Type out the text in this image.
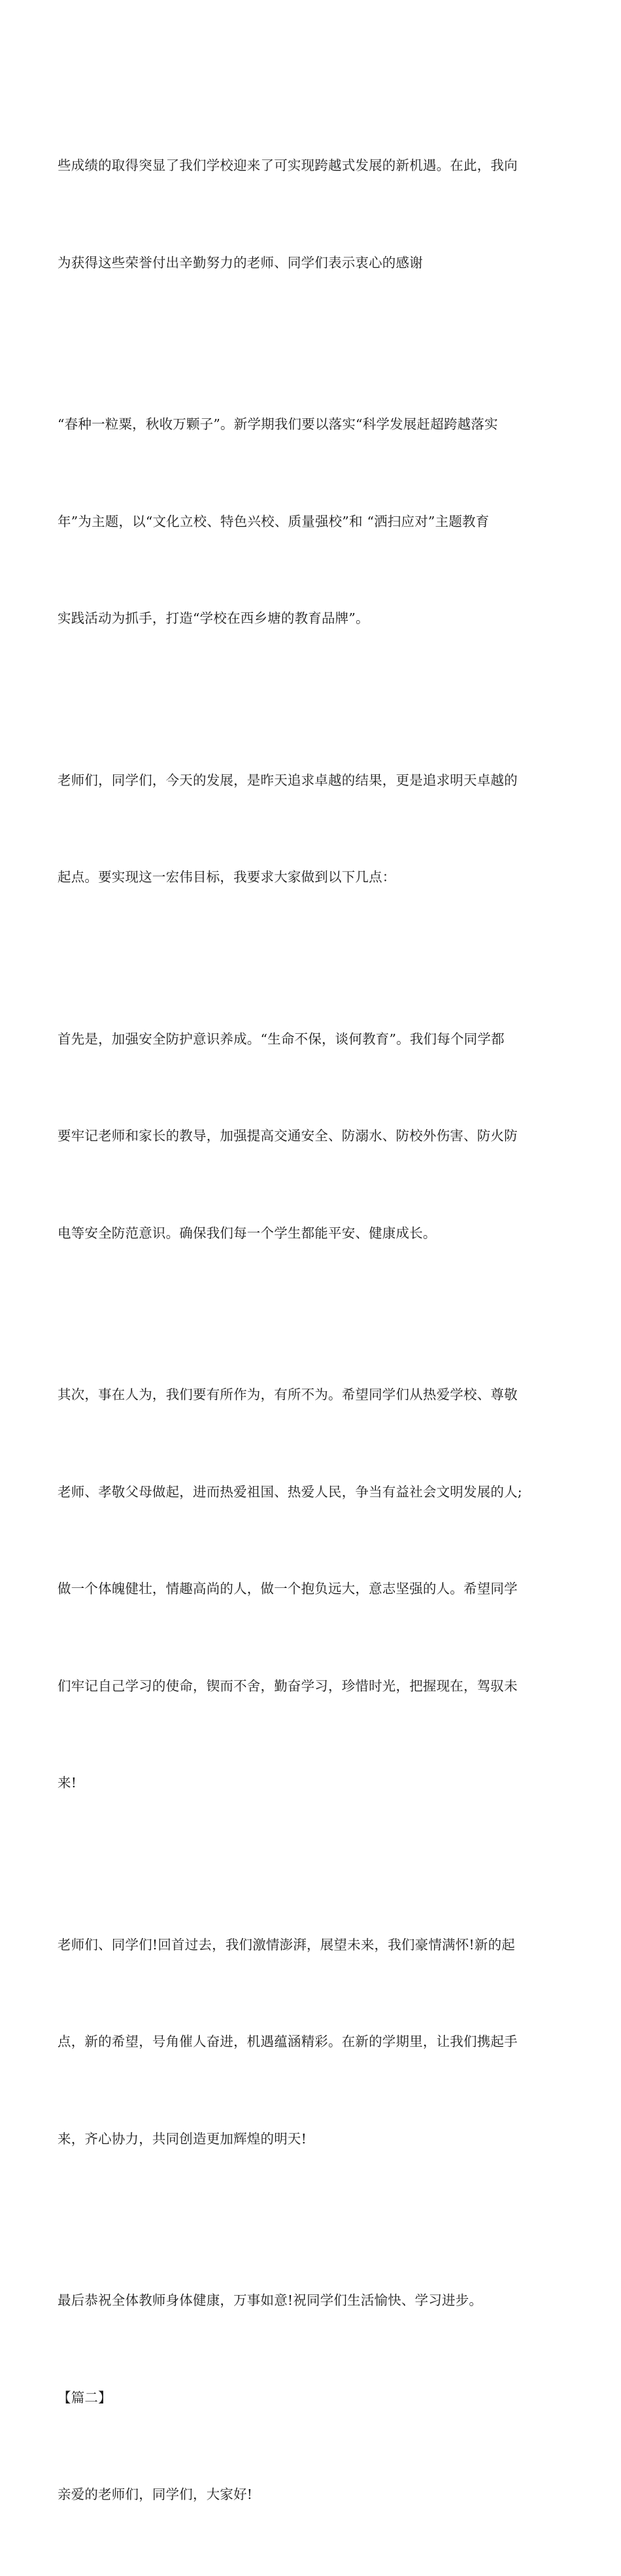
些成绩的取得突显了我们学校迎来了可实现跨越式发展的新机遇。在此，我向

为获得这些荣誉付出辛勤努力的老师、同学们表示衷心的感谢

“春种一粒粟，秋收万颗子”。新学期我们要以落实“科学发展赶超跨越落实

年”为主题，以“文化立校、特色兴校、质量强校”和 “洒扫应对”主题教育

实践活动为抓手，打造“学校在西乡塘的教育品牌”。

老师们，同学们，今天的发展，是昨天追求卓越的结果，更是追求明天卓越的

起点。要实现这一宏伟目标，我要求大家做到以下几点：

首先是，加强安全防护意识养成。“生命不保，谈何教育”。我们每个同学都

要牢记老师和家长的教导，加强提高交通安全、防溺水、防校外伤害、防火防

电等安全防范意识。确保我们每一个学生都能平安、健康成长。

其次，事在人为，我们要有所作为，有所不为。希望同学们从热爱学校、尊敬

老师、孝敬父母做起，进而热爱祖国、热爱人民，争当有益社会文明发展的人;

做一个体魄健壮，情趣高尚的人，做一个抱负远大，意志坚强的人。希望同学

们牢记自己学习的使命，锲而不舍，勤奋学习，珍惜时光，把握现在，驾驭未

来!

老师们、同学们!回首过去，我们激情澎湃，展望未来，我们豪情满怀!新的起

点，新的希望，号角催人奋进，机遇蕴涵精彩。在新的学期里，让我们携起手

来，齐心协力，共同创造更加辉煌的明天!

最后恭祝全体教师身体健康，万事如意!祝同学们生活愉快、学习进步。

【篇二】

亲爱的老师们，同学们，大家好!
